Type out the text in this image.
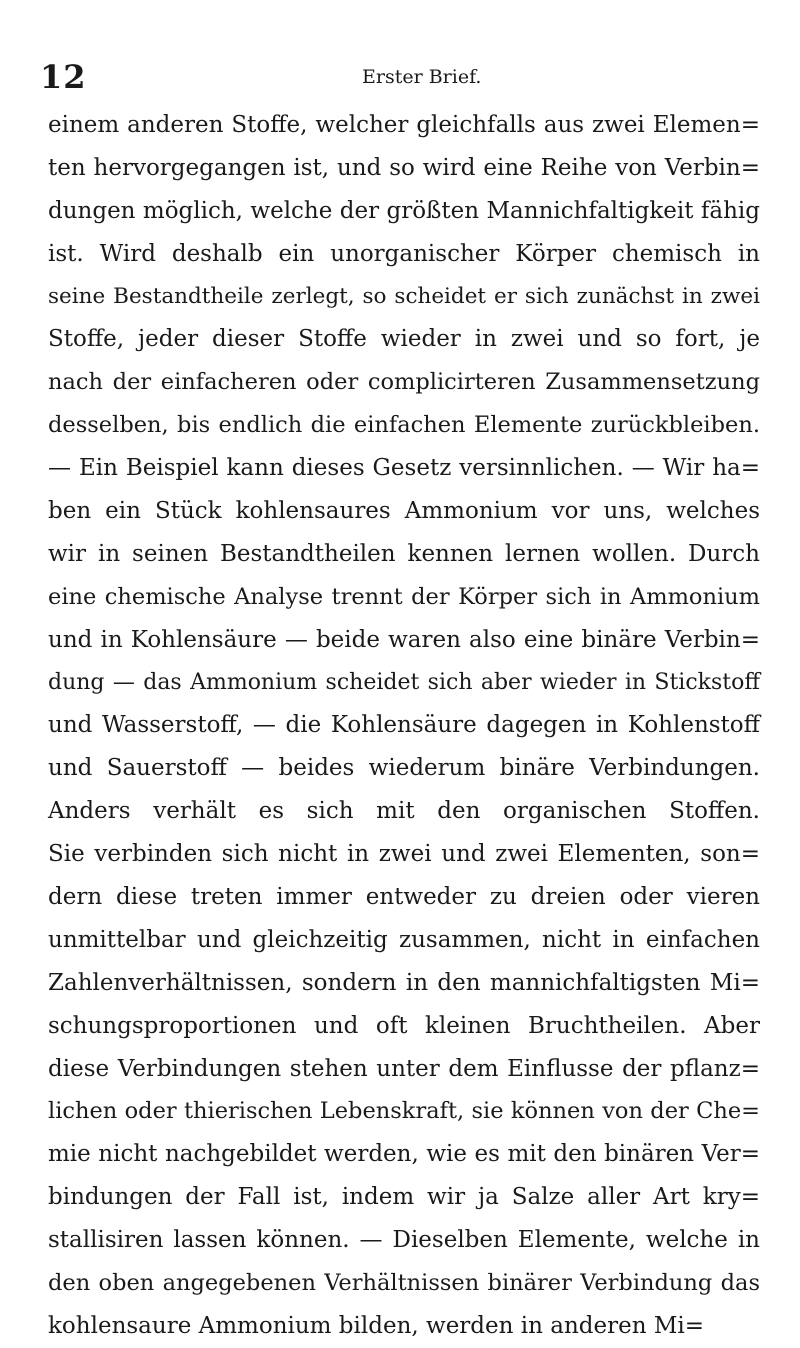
12	Erster Brief.
einem anderen Stoffe, welcher gleichfalls aus zwei Elemen=
ten hervorgegangen ist, und so wird eine Reihe von Verbin=
dungen möglich, welche der größten Mannichfaltigkeit fähig
ist. Wird deshalb ein unorganischer Körper chemisch in
seine Bestandtheile zerlegt, so scheidet er sich zunächst in zwei
Stoffe, jeder dieser Stoffe wieder in zwei und so fort, je
nach der einfacheren oder complicirteren Zusammensetzung
desselben, bis endlich die einfachen Elemente zurückbleiben.
— Ein Beispiel kann dieses Gesetz versinnlichen. — Wir ha=
ben ein Stück kohlensaures Ammonium vor uns, welches
wir in seinen Bestandtheilen kennen lernen wollen. Durch
eine chemische Analyse trennt der Körper sich in Ammonium
und in Kohlensäure — beide waren also eine binäre Verbin=
dung — das Ammonium scheidet sich aber wieder in Stickstoff
und Wasserstoff, — die Kohlensäure dagegen in Kohlenstoff
und Sauerstoff — beides wiederum binäre Verbindungen.
Anders verhält es sich mit den organischen Stoffen.
Sie verbinden sich nicht in zwei und zwei Elementen, son=
dern diese treten immer entweder zu dreien oder vieren
unmittelbar und gleichzeitig zusammen, nicht in einfachen
Zahlenverhältnissen, sondern in den mannichfaltigsten Mi=
schungsproportionen und oft kleinen Bruchtheilen. Aber
diese Verbindungen stehen unter dem Einflusse der pflanz=
lichen oder thierischen Lebenskraft, sie können von der Che=
mie nicht nachgebildet werden, wie es mit den binären Ver=
bindungen der Fall ist, indem wir ja Salze aller Art kry=
stallisiren lassen können. — Dieselben Elemente, welche in
den oben angegebenen Verhältnissen binärer Verbindung das
kohlensaure Ammonium bilden, werden in anderen Mi=
